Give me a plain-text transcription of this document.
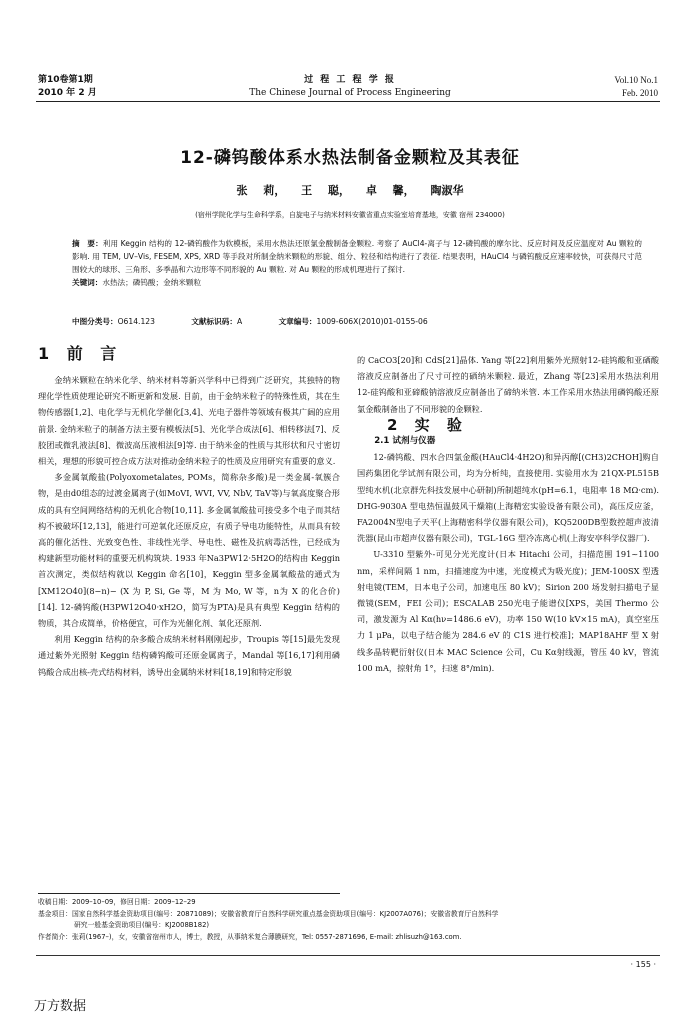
第10卷第1期
2010 年 2 月
过 程 工 程 学 报
The Chinese Journal of Process Engineering
Vol.10 No.1
Feb. 2010
12-磷钨酸体系水热法制备金颗粒及其表征
张 莉， 王 聪， 卓 馨， 陶淑华
(宿州学院化学与生命科学系，自旋电子与纳米材料安徽省重点实验室培育基地，安徽 宿州 234000)
摘　要：利用 Keggin 结构的 12-磷钨酸作为软模板，采用水热法还原氯金酸制备金颗粒. 考察了 AuCl4-离子与 12-磷钨酸的摩尔比、反应时间及反应温度对 Au 颗粒的影响. 用 TEM, UV–Vis, FESEM, XPS, XRD 等手段对所制金纳米颗粒的形貌、组分、粒径和结构进行了表征. 结果表明，HAuCl4 与磷钨酸反应速率较快，可获得尺寸范围较大的球形、三角形、多季晶和六边形等不同形貌的 Au 颗粒. 对 Au 颗粒的形成机理进行了探讨.
关键词：水热法；磷钨酸；金纳米颗粒
中图分类号：O614.123	文献标识码：A	文章编号：1009-606X(2010)01-0155-06
1 前 言

金纳米颗粒在纳米化学、纳米材料等新兴学科中已得到广泛研究，其独特的物理化学性质使理论研究不断更新和发展. 目前，由于金纳米粒子的特殊性质，其在生物传感器[1,2]、电化学与无机化学催化[3,4]、光电子器件等领域有极其广阔的应用前景. 金纳米粒子的制备方法主要有模板法[5]、光化学合成法[6]、相转移法[7]、反胶团或微乳液法[8]、微波高压液相法[9]等. 由于纳米金的性质与其形状和尺寸密切相关，理想的形貌可控合成方法对推动金纳米粒子的性质及应用研究有重要的意义.

多金属氧酸盐(Polyoxometalates, POMs，简称杂多酸)是一类金属-氧簇合物，是由d0组态的过渡金属离子(如MoVI, WVI, VV, NbV, TaV等)与氧高度聚合形成的具有空间网络结构的无机化合物[10,11]. 多金属氧酸盐可接受多个电子而其结构不被破坏[12,13]，能进行可逆氧化还原反应，有质子导电功能特性，从而具有较高的催化活性、光致变色性、非线性光学、导电性、磁性及抗病毒活性，已经成为构建新型功能材料的重要无机构筑块. 1933 年Na3PW12·5H2O的结构由 Keggin 首次测定，类似结构就以 Keggin 命名[10]，Keggin 型多金属氧酸盐的通式为[XM12O40](8−n)− (X 为 P, Si, Ge 等，M 为 Mo, W 等，n为 X 的化合价)[14]. 12-磷钨酸(H3PW12O40·xH2O，简写为PTA)是具有典型 Keggin 结构的物质，其合成简单，价格便宜，可作为光催化剂、氧化还原剂.

利用 Keggin 结构的杂多酸合成纳米材料刚刚起步，Troupis 等[15]最先发现通过紫外光照射 Keggin 结构磷钨酸可还原金属离子，Mandal 等[16,17]利用磷钨酸合成出核-壳式结构材料，诱导出金属纳米材料[18,19]和特定形貌

的 CaCO3[20]和 CdS[21]晶体. Yang 等[22]利用紫外光照射12-硅钨酸和亚硒酸溶液反应制备出了尺寸可控的硒纳米颗粒. 最近，Zhang 等[23]采用水热法利用 12-硅钨酸和亚碲酸钠溶液反应制备出了碲纳米管. 本工作采用水热法用磷钨酸还原氯金酸制备出了不同形貌的金颗粒.

2 实 验

2.1 试剂与仪器

12-磷钨酸、四水合四氯金酸(HAuCl4·4H2O)和异丙醇[(CH3)2CHOH]购自国药集团化学试剂有限公司，均为分析纯，直接使用. 实验用水为 21QX-PL515B 型纯水机(北京群先科技发展中心研制)所制超纯水(pH=6.1，电阻率 18 MΩ·cm). DHG-9030A 型电热恒温鼓风干燥箱(上海精宏实验设备有限公司)，高压反应釜，FA2004N型电子天平(上海精密科学仪器有限公司)，KQ5200DB型数控超声波清洗器(昆山市超声仪器有限公司)，TGL-16G 型冷冻离心机(上海安亭科学仪器厂).

U-3310 型紫外-可见分光光度计(日本 Hitachi 公司，扫描范围 191~1100 nm，采样间隔 1 nm，扫描速度为中速，光度模式为吸光度)；JEM-100SX 型透射电镜(TEM，日本电子公司，加速电压 80 kV)；Sirion 200 场发射扫描电子显微镜(SEM，FEI 公司)；ESCALAB 250光电子能谱仪[XPS，美国 Thermo 公司，激发源为 Al Kα(hν=1486.6 eV)，功率 150 W(10 kV×15 mA)，真空室压力 1 μPa，以电子结合能为 284.6 eV 的 C1S 进行校准]；MAP18AHF 型 X 射线多晶转靶衍射仪(日本 MAC Science 公司，Cu Kα射线源，管压 40 kV，管流 100 mA，掠射角 1°，扫速 8°/min).

收稿日期：2009–10–09，修回日期：2009–12–29
基金项目：国家自然科学基金资助项目(编号：20871089)；安徽省教育厅自然科学研究重点基金资助项目(编号：KJ2007A076)；安徽省教育厅自然科学
研究一般基金资助项目(编号：KJ2008B182)
作者简介：张莉(1967–)，女，安徽省宿州市人，博士，教授，从事纳米复合薄膜研究，Tel: 0557-2871696, E-mail: zhlisuzh@163.com.
· 155 ·
万方数据
